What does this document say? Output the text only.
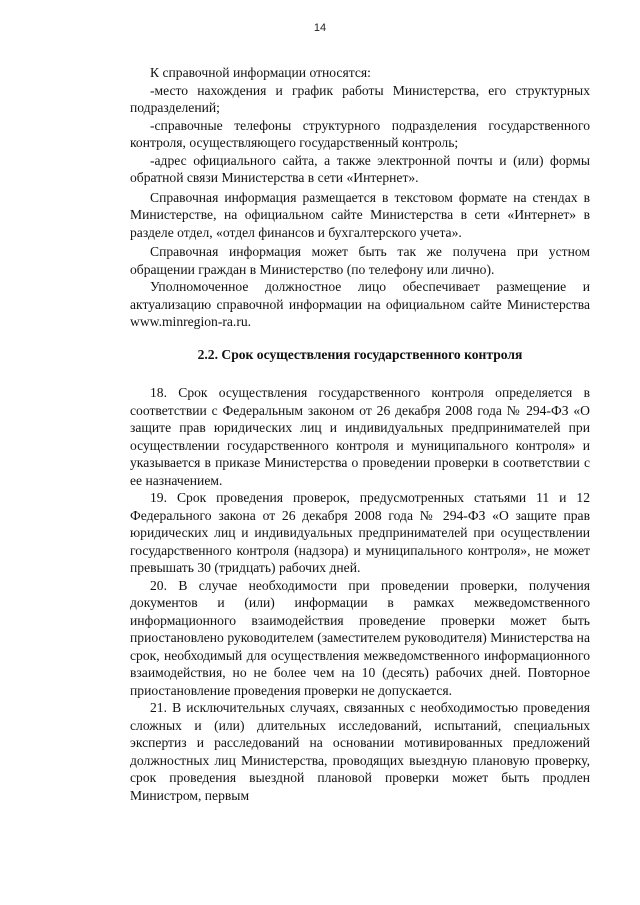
14

К справочной информации относятся:

-место нахождения и график работы Министерства, его структурных подразделений;

-справочные телефоны структурного подразделения государственного контроля, осуществляющего государственный контроль;

-адрес официального сайта, а также электронной почты и (или) формы обратной связи Министерства в сети «Интернет».

Справочная информация размещается в текстовом формате на стендах в Министерстве, на официальном сайте Министерства в сети «Интернет» в разделе отдел, «отдел финансов и бухгалтерского учета».

Справочная информация может быть так же получена при устном обращении граждан в Министерство (по телефону или лично).

Уполномоченное должностное лицо обеспечивает размещение и актуализацию справочной информации на официальном сайте Министерства www.minregion-ra.ru.

2.2. Срок осуществления государственного контроля

18. Срок осуществления государственного контроля определяется в соответствии с Федеральным законом от 26 декабря 2008 года № 294-ФЗ «О защите прав юридических лиц и индивидуальных предпринимателей при осуществлении государственного контроля и муниципального контроля» и указывается в приказе Министерства о проведении проверки в соответствии с ее назначением.

19. Срок проведения проверок, предусмотренных статьями 11 и 12 Федерального закона от 26 декабря 2008 года № 294-ФЗ «О защите прав юридических лиц и индивидуальных предпринимателей при осуществлении государственного контроля (надзора) и муниципального контроля», не может превышать 30 (тридцать) рабочих дней.

20. В случае необходимости при проведении проверки, получения документов и (или) информации в рамках межведомственного информационного взаимодействия проведение проверки может быть приостановлено руководителем (заместителем руководителя) Министерства на срок, необходимый для осуществления межведомственного информационного взаимодействия, но не более чем на 10 (десять) рабочих дней. Повторное приостановление проведения проверки не допускается.

21. В исключительных случаях, связанных с необходимостью проведения сложных и (или) длительных исследований, испытаний, специальных экспертиз и расследований на основании мотивированных предложений должностных лиц Министерства, проводящих выездную плановую проверку, срок проведения выездной плановой проверки может быть продлен Министром, первым
